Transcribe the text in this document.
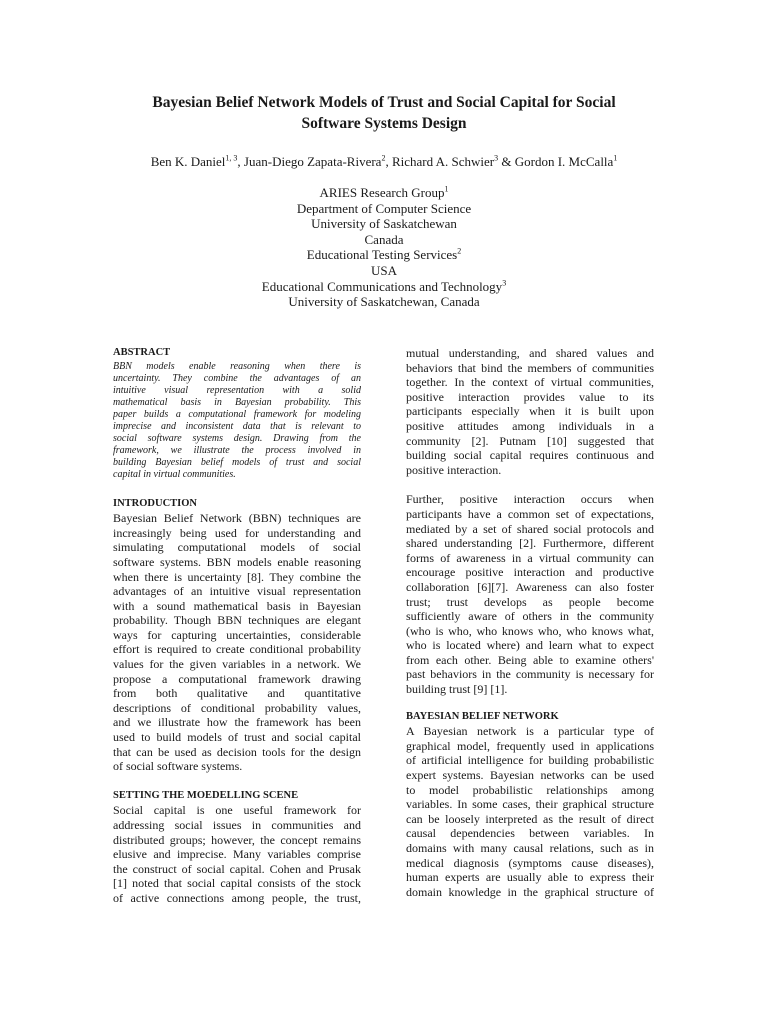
Bayesian Belief Network Models of Trust and Social Capital for Social
Software Systems Design
Ben K. Daniel$^{1, 3}$, Juan-Diego Zapata-Rivera$^2$, Richard A. Schwier$^3$ & Gordon I. McCalla$^1$
ARIES Research Group$^1$
Department of Computer Science
University of Saskatchewan
Canada
Educational Testing Services$^2$
USA
Educational Communications and Technology$^3$
University of Saskatchewan, Canada
ABSTRACT
BBN models enable reasoning when there is
uncertainty. They combine the advantages of an
intuitive visual representation with a solid
mathematical basis in Bayesian probability. This
paper builds a computational framework for modeling
imprecise and inconsistent data that is relevant to
social software systems design. Drawing from the
framework, we illustrate the process involved in
building Bayesian belief models of trust and social
capital in virtual communities.
INTRODUCTION
Bayesian Belief Network (BBN) techniques are
increasingly being used for understanding and
simulating computational models of social
software systems. BBN models enable reasoning
when there is uncertainty [8]. They combine the
advantages of an intuitive visual representation
with a sound mathematical basis in Bayesian
probability. Though BBN techniques are elegant
ways for capturing uncertainties, considerable
effort is required to create conditional probability
values for the given variables in a network. We
propose a computational framework drawing
from both qualitative and quantitative
descriptions of conditional probability values,
and we illustrate how the framework has been
used to build models of trust and social capital
that can be used as decision tools for the design
of social software systems.
SETTING THE MOEDELLING SCENE
Social capital is one useful framework for
addressing social issues in communities and
distributed groups; however, the concept remains
elusive and imprecise. Many variables comprise
the construct of social capital. Cohen and Prusak
[1] noted that social capital consists of the stock
of active connections among people, the trust,
mutual understanding, and shared values and
behaviors that bind the members of communities
together. In the context of virtual communities,
positive interaction provides value to its
participants especially when it is built upon
positive attitudes among individuals in a
community [2]. Putnam [10] suggested that
building social capital requires continuous and
positive interaction.
Further, positive interaction occurs when
participants have a common set of expectations,
mediated by a set of shared social protocols and
shared understanding [2]. Furthermore, different
forms of awareness in a virtual community can
encourage positive interaction and productive
collaboration [6][7]. Awareness can also foster
trust; trust develops as people become
sufficiently aware of others in the community
(who is who, who knows who, who knows what,
who is located where) and learn what to expect
from each other. Being able to examine others'
past behaviors in the community is necessary for
building trust [9] [1].
BAYESIAN BELIEF NETWORK
A Bayesian network is a particular type of
graphical model, frequently used in applications
of artificial intelligence for building probabilistic
expert systems. Bayesian networks can be used
to model probabilistic relationships among
variables. In some cases, their graphical structure
can be loosely interpreted as the result of direct
causal dependencies between variables. In
domains with many causal relations, such as in
medical diagnosis (symptoms cause diseases),
human experts are usually able to express their
domain knowledge in the graphical structure of
